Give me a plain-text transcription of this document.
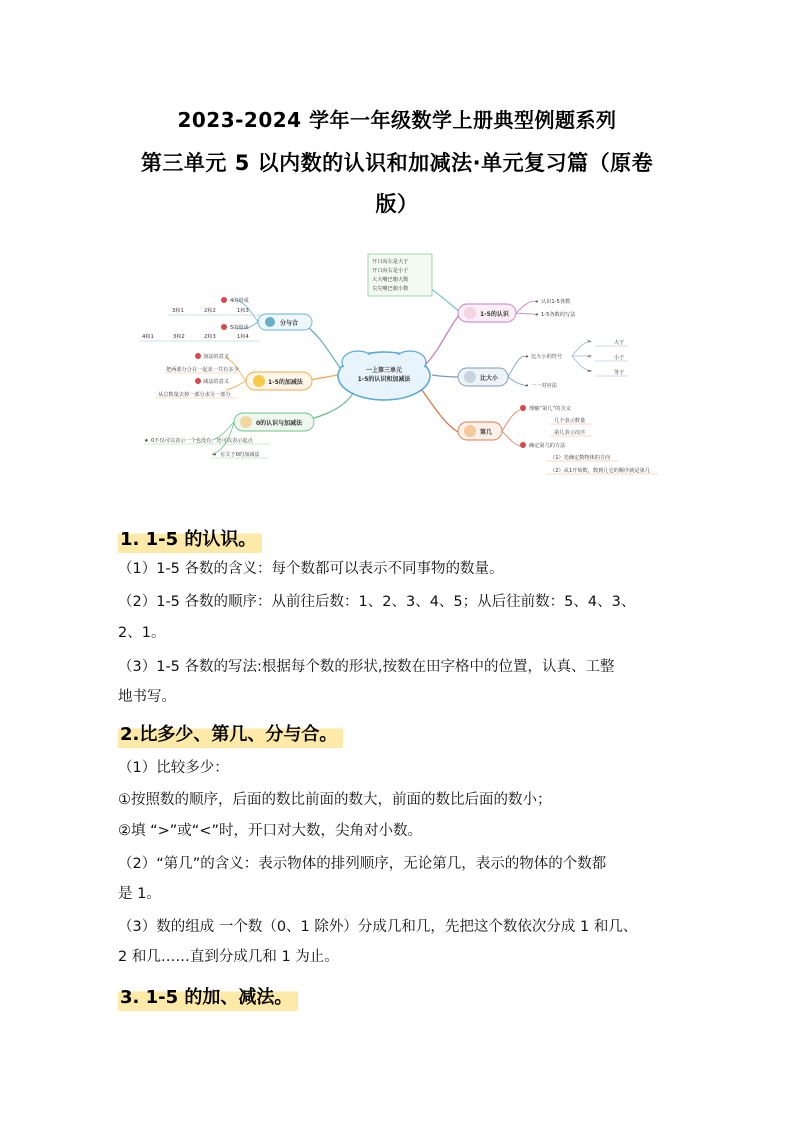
2023-2024 学年一年级数学上册典型例题系列
第三单元 5 以内数的认识和加减法·单元复习篇（原卷
版）
一上第三单元
1-5的认识和加减法
开口向左是大于
开口向右是小于
大大嘴巴朝大数
尖尖嘴巴朝小数
分与合
4的组成
5的组成
3和1	2和2	1和3
4和1	3和2	2和3	1和4
1-5的加减法
加法的意义
把两部分合在一起求一共有多少
减法的意义
从总数量去掉一部分求另一部分
0的认识与加减法
★ 0不仅可以表示一个也没有，还可以表示起点
➔ 有关于0的加减法
1-5的认识
➔ 认识1-5各数
➔ 1-5各数的写法
比大小
➔ 比大小的符号
➔ 一一对应法
>
<
=
大于
小于
等于
第几
理解“第几”的含义
几个表示数量
第几表示次序
确定第几的方法
（1）先确定数物体的方向
（2）从1开始数，数到几它的顺序就是第几
1. 1-5 的认识。
（1）1-5 各数的含义：每个数都可以表示不同事物的数量。
（2）1-5 各数的顺序：从前往后数：1、2、3、4、5；从后往前数：5、4、3、
2、1。
（3）1-5 各数的写法:根据每个数的形状,按数在田字格中的位置，认真、工整
地书写。
2.比多少、第几、分与合。
（1）比较多少：
①按照数的顺序，后面的数比前面的数大，前面的数比后面的数小；
②填 “>”或“<”时，开口对大数，尖角对小数。
（2）“第几”的含义：表示物体的排列顺序，无论第几，表示的物体的个数都
是 1。
（3）数的组成 一个数（0、1 除外）分成几和几，先把这个数依次分成 1 和几、
2 和几……直到分成几和 1 为止。
3. 1-5 的加、减法。
